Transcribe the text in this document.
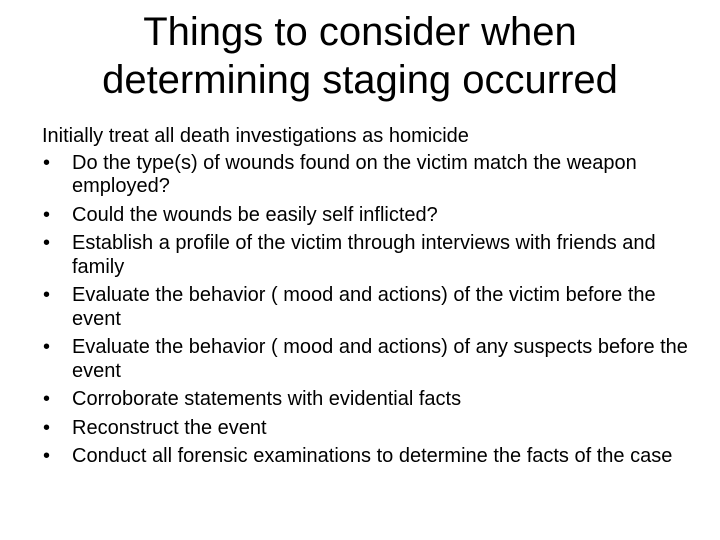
Things to consider when determining staging occurred

Initially treat all death investigations as homicide

• Do the type(s) of wounds found on the victim match the weapon employed?
• Could the wounds be easily self inflicted?
• Establish a profile of the victim through interviews with friends and family
• Evaluate the behavior ( mood and actions) of the victim before the event
• Evaluate the behavior ( mood and actions) of any suspects before the event
• Corroborate statements with evidential facts
• Reconstruct the event
• Conduct all forensic examinations to determine the facts of the case
